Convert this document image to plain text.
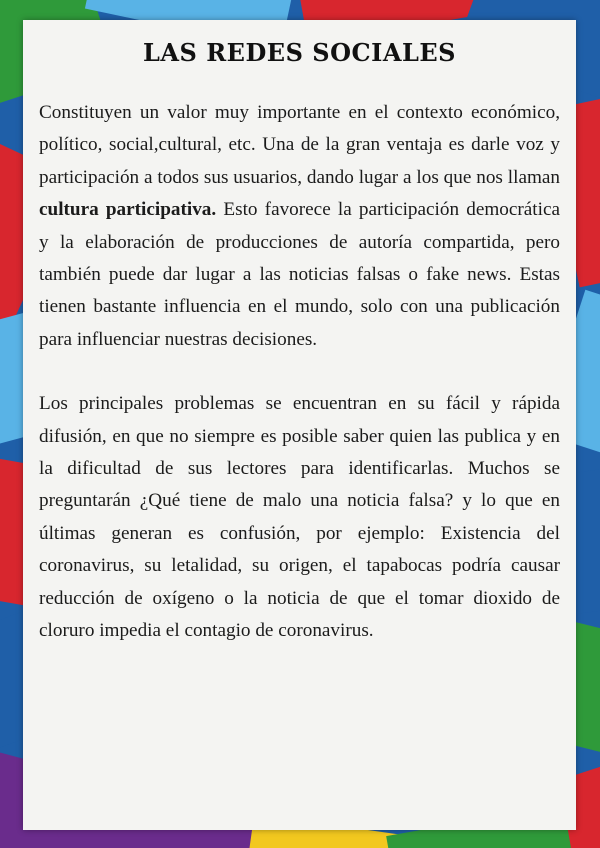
LAS REDES SOCIALES

Constituyen un valor muy importante en el contexto económico, político, social,cultural, etc. Una de la gran ventaja es darle voz y participación a todos sus usuarios, dando lugar a los que nos llaman cultura participativa. Esto favorece la participación democrática y la elaboración de producciones de autoría compartida, pero también puede dar lugar a las noticias falsas o fake news. Estas tienen bastante influencia en el mundo, solo con una publicación para influenciar nuestras decisiones.

Los principales problemas se encuentran en su fácil y rápida difusión, en que no siempre es posible saber quien las publica y en la dificultad de sus lectores para identificarlas. Muchos se preguntarán ¿Qué tiene de malo una noticia falsa? y lo que en últimas generan es confusión, por ejemplo: Existencia del coronavirus, su letalidad, su origen, el tapabocas podría causar reducción de oxígeno o la noticia de que el tomar dioxido de cloruro impedia el contagio de coronavirus.
